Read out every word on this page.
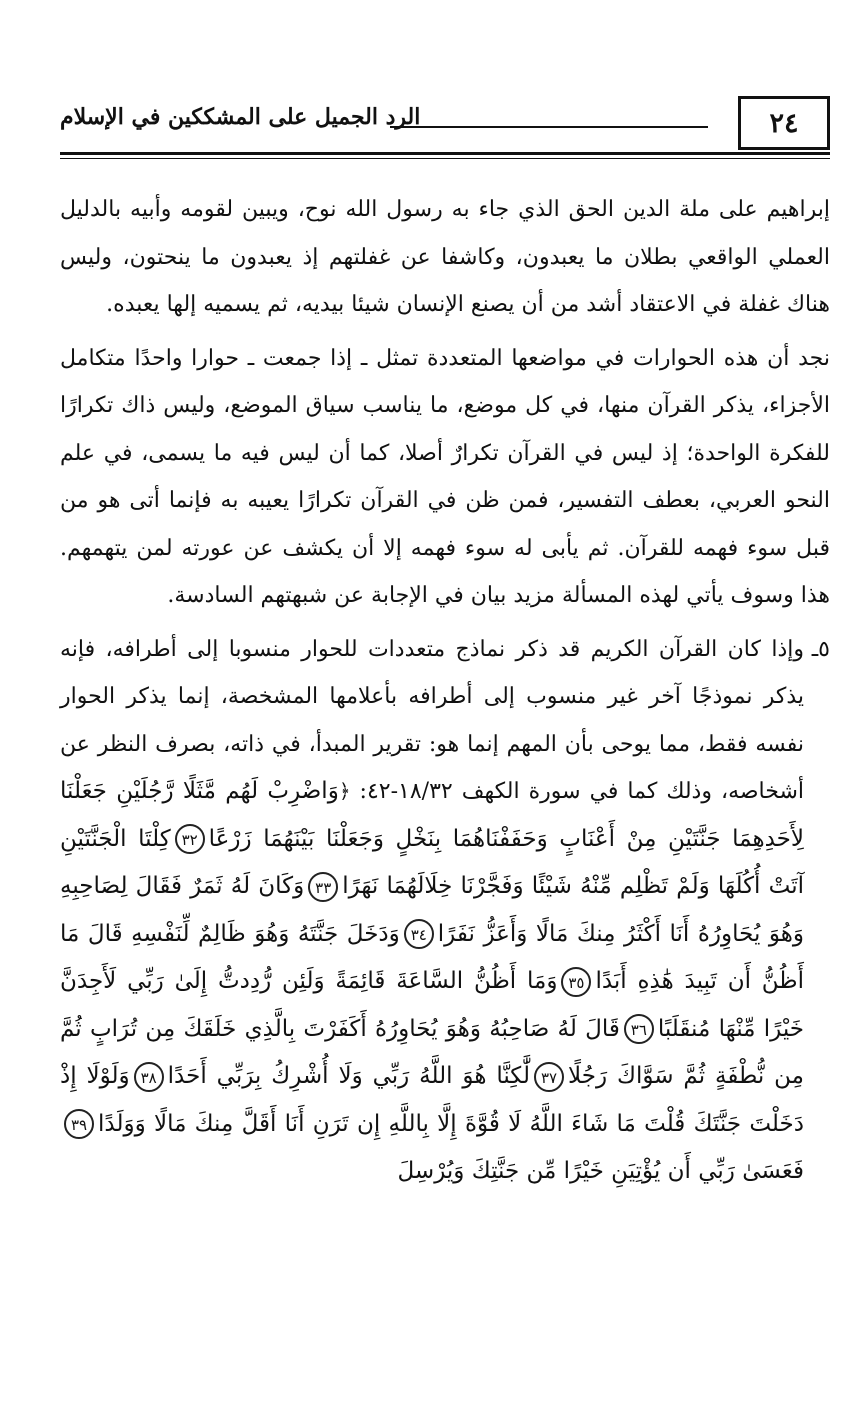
٢٤
الرد الجميل على المشككين في الإسلام

إبراهيم على ملة الدين الحق الذي جاء به رسول الله نوح، ويبين لقومه وأبيه بالدليل العملي الواقعي بطلان ما يعبدون، وكاشفا عن غفلتهم إذ يعبدون ما ينحتون، وليس هناك غفلة في الاعتقاد أشد من أن يصنع الإنسان شيئا بيديه، ثم يسميه إلها يعبده.

نجد أن هذه الحوارات في مواضعها المتعددة تمثل ـ إذا جمعت ـ حوارا واحدًا متكامل الأجزاء، يذكر القرآن منها، في كل موضع، ما يناسب سياق الموضع، وليس ذاك تكرارًا للفكرة الواحدة؛ إذ ليس في القرآن تكرارٌ أصلا، كما أن ليس فيه ما يسمى، في علم النحو العربي، بعطف التفسير، فمن ظن في القرآن تكرارًا يعيبه به فإنما أتى هو من قبل سوء فهمه للقرآن. ثم يأبى له سوء فهمه إلا أن يكشف عن عورته لمن يتهمهم. هذا وسوف يأتي لهذه المسألة مزيد بيان في الإجابة عن شبهتهم السادسة.

٥ـ
وإذا كان القرآن الكريم قد ذكر نماذج متعددات للحوار منسوبا إلى أطرافه، فإنه يذكر نموذجًا آخر غير منسوب إلى أطرافه بأعلامها المشخصة، إنما يذكر الحوار نفسه فقط، مما يوحى بأن المهم إنما هو: تقرير المبدأ، في ذاته، بصرف النظر عن أشخاصه، وذلك كما في سورة الكهف ١٨/٣٢-٤٢: ﴿وَاضْرِبْ لَهُم مَّثَلًا رَّجُلَيْنِ جَعَلْنَا لِأَحَدِهِمَا جَنَّتَيْنِ مِنْ أَعْنَابٍ وَحَفَفْنَاهُمَا بِنَخْلٍ وَجَعَلْنَا بَيْنَهُمَا زَرْعًا٣٢كِلْتَا الْجَنَّتَيْنِ آتَتْ أُكُلَهَا وَلَمْ تَظْلِم مِّنْهُ شَيْئًا وَفَجَّرْنَا خِلَالَهُمَا نَهَرًا٣٣وَكَانَ لَهُ ثَمَرٌ فَقَالَ لِصَاحِبِهِ وَهُوَ يُحَاوِرُهُ أَنَا أَكْثَرُ مِنكَ مَالًا وَأَعَزُّ نَفَرًا٣٤وَدَخَلَ جَنَّتَهُ وَهُوَ ظَالِمٌ لِّنَفْسِهِ قَالَ مَا أَظُنُّ أَن تَبِيدَ هَٰذِهِ أَبَدًا٣٥وَمَا أَظُنُّ السَّاعَةَ قَائِمَةً وَلَئِن رُّدِدتُّ إِلَىٰ رَبِّي لَأَجِدَنَّ خَيْرًا مِّنْهَا مُنقَلَبًا٣٦قَالَ لَهُ صَاحِبُهُ وَهُوَ يُحَاوِرُهُ أَكَفَرْتَ بِالَّذِي خَلَقَكَ مِن تُرَابٍ ثُمَّ مِن نُّطْفَةٍ ثُمَّ سَوَّاكَ رَجُلًا٣٧لَّٰكِنَّا هُوَ اللَّهُ رَبِّي وَلَا أُشْرِكُ بِرَبِّي أَحَدًا٣٨وَلَوْلَا إِذْ دَخَلْتَ جَنَّتَكَ قُلْتَ مَا شَاءَ اللَّهُ لَا قُوَّةَ إِلَّا بِاللَّهِ إِن تَرَنِ أَنَا أَقَلَّ مِنكَ مَالًا وَوَلَدًا٣٩فَعَسَىٰ رَبِّي أَن يُؤْتِيَنِ خَيْرًا مِّن جَنَّتِكَ وَيُرْسِلَ
